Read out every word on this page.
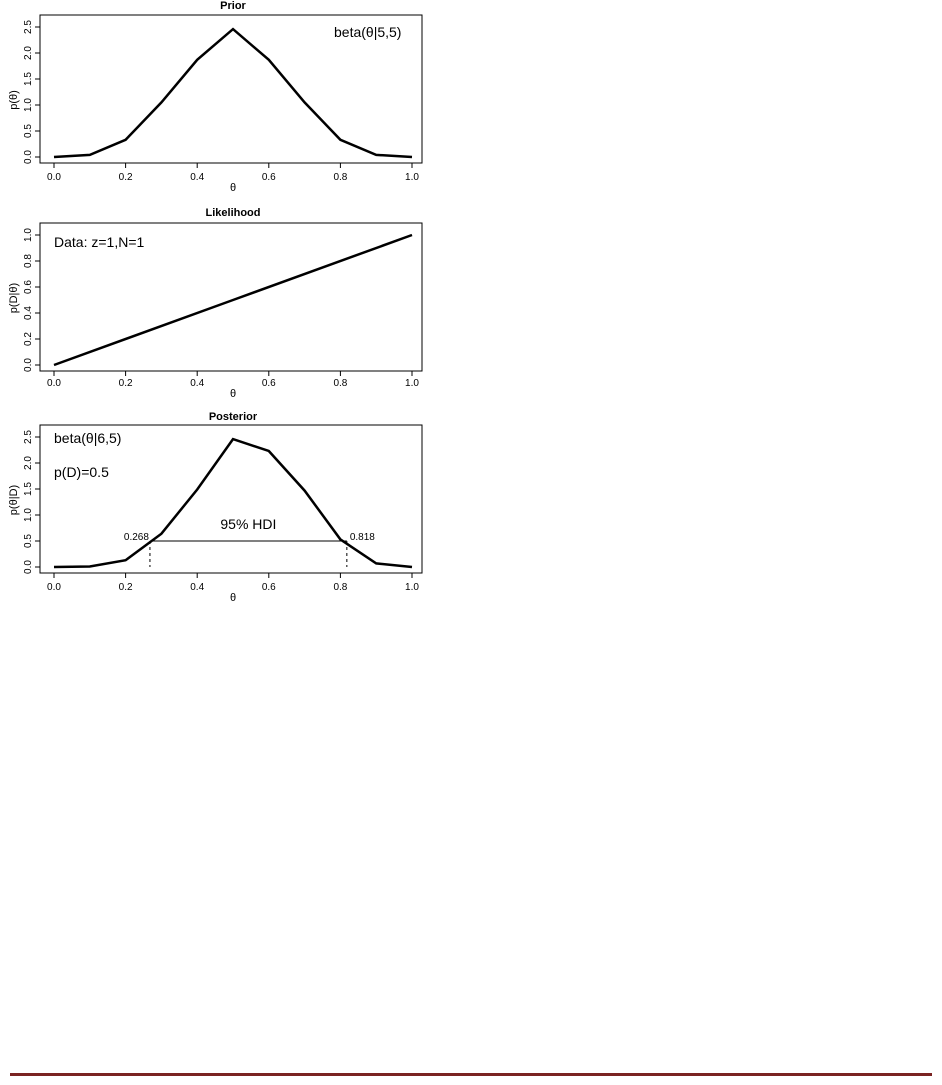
Prior
0.0	0.2	0.4	0.6	0.8	1.0
0.0
0.5
1.0
1.5
2.0
2.5
θ
p(θ)
beta(θ|5,5)
Likelihood
0.0	0.2	0.4	0.6	0.8	1.0
0.0
0.2
0.4
0.6
0.8
1.0
θ
p(D|θ)
Data: z=1,N=1
Posterior
0.0	0.2	0.4	0.6	0.8	1.0
0.0
0.5
1.0
1.5
2.0
2.5
95% HDI
0.268	0.818
θ
p(θ|D)
beta(θ|6,5)
p(D)=0.5
